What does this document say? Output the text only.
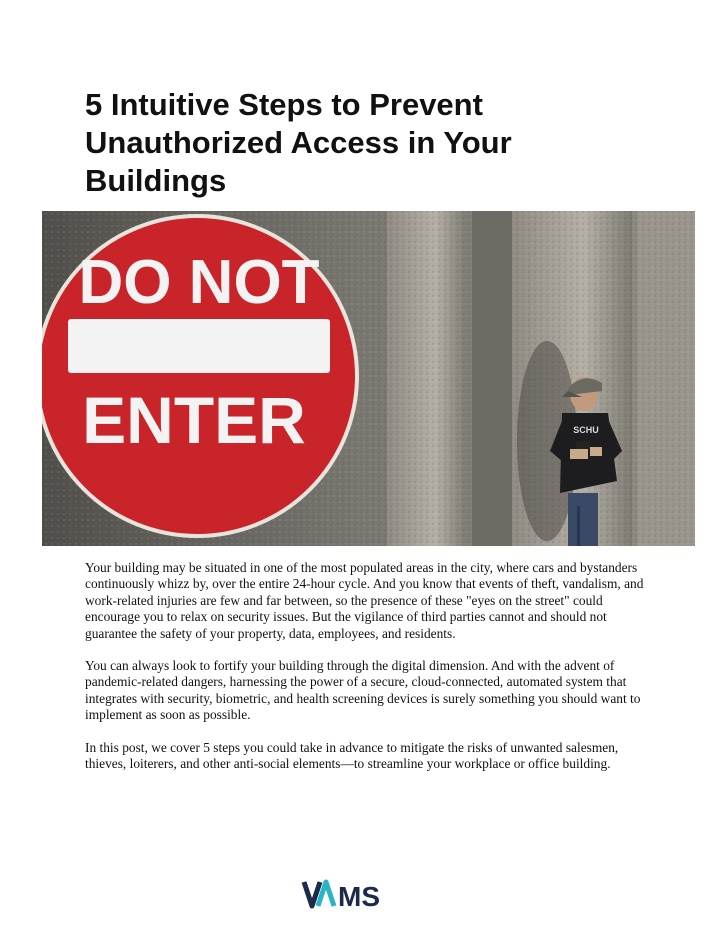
5 Intuitive Steps to Prevent Unauthorized Access in Your Buildings
DO NOT
ENTER	SCHU

Your building may be situated in one of the most populated areas in the city, where cars and bystanders continuously whizz by, over the entire 24-hour cycle. And you know that events of theft, vandalism, and work-related injuries are few and far between, so the presence of these "eyes on the street" could encourage you to relax on security issues. But the vigilance of third parties cannot and should not guarantee the safety of your property, data, employees, and residents.

You can always look to fortify your building through the digital dimension. And with the advent of pandemic-related dangers, harnessing the power of a secure, cloud-connected, automated system that integrates with security, biometric, and health screening devices is surely something you should want to implement as soon as possible.

In this post, we cover 5 steps you could take in advance to mitigate the risks of unwanted salesmen, thieves, loiterers, and other anti-social elements—to streamline your workplace or office building.

MS
